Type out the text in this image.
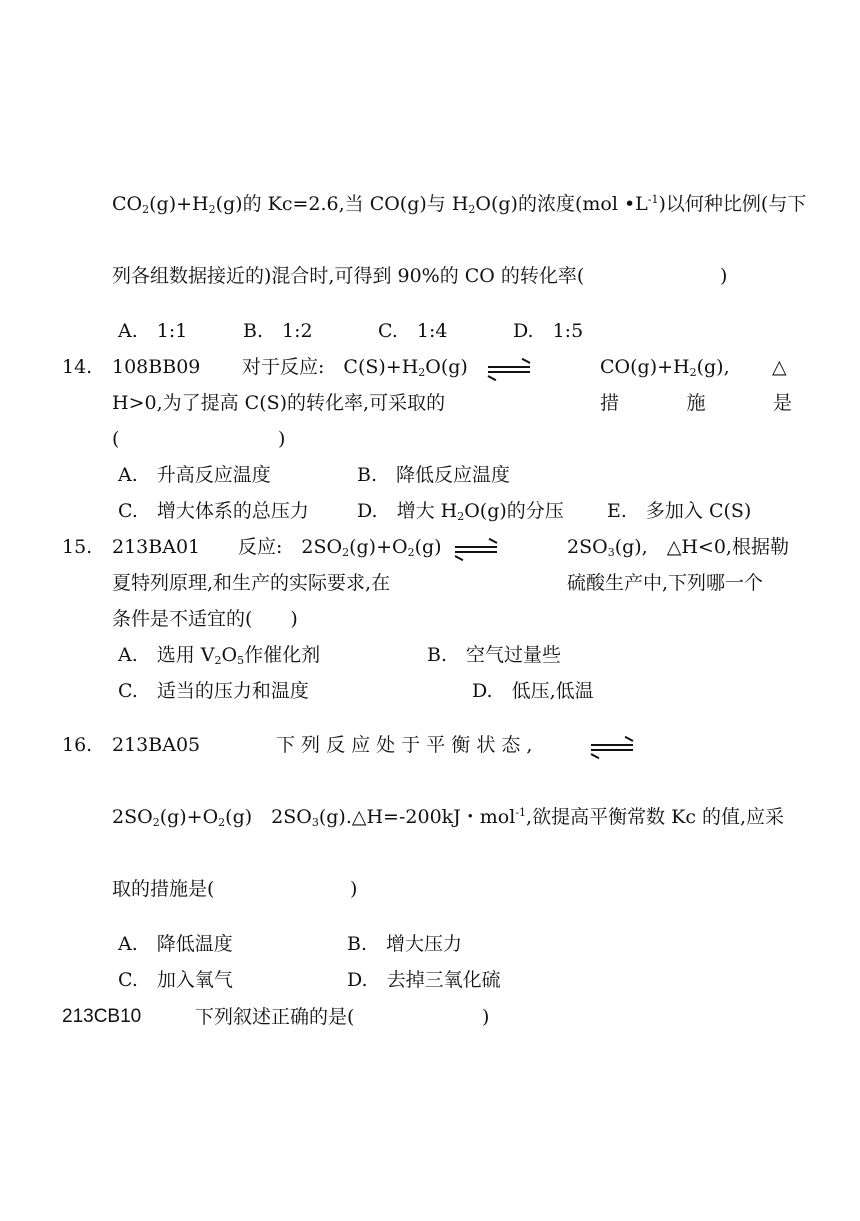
$CO_2(g)+H_2(g)$的 Kc=2.6,当 CO(g)与 $H_2O(g)$的浓度(mol $•L^{-1}$)以何种比例(与下
列各组数据接近的)混合时,可得到 90%的 CO 的转化率(	)
A.　1:1	B.　1:2	C.　1:4	D.　1:5
14. 108BB09 对于反应:　$C(S)+H_2O(g)$ ⇌	$CO(g)+H_2(g)$, △
H>0,为了提高 C(S)的转化率,可采取的	措	施	是
(	)
A.　升高反应温度	B.　降低反应温度
C.　增大体系的总压力	D.　增大 $H_2O(g)$的分压 E.　多加入 C(S)
15. 213BA01 反应:　$2SO_2(g)+O_2(g)$ ⇌	$2SO_3(g)$,　△H<0,根据勒
夏特列原理,和生产的实际要求,在	硫酸生产中,下列哪一个
条件是不适宜的(　　)
A.　选用 $V_2O_5$作催化剂	B.　空气过量些
C.　适当的压力和温度	D.　低压,低温
16. 213BA05	下 列 反 应 处 于 平 衡 状 态 ,
$2SO_2(g)+O_2(g)$　$2SO_3(g).\triangle H=-200kJ$・mol$^{-1}$,欲提高平衡常数 Kc 的值,应采
取的措施是(	)
A.　降低温度	B.　增大压力
C.　加入氧气	D.　去掉三氧化硫
213CB10	下列叙述正确的是(	)
